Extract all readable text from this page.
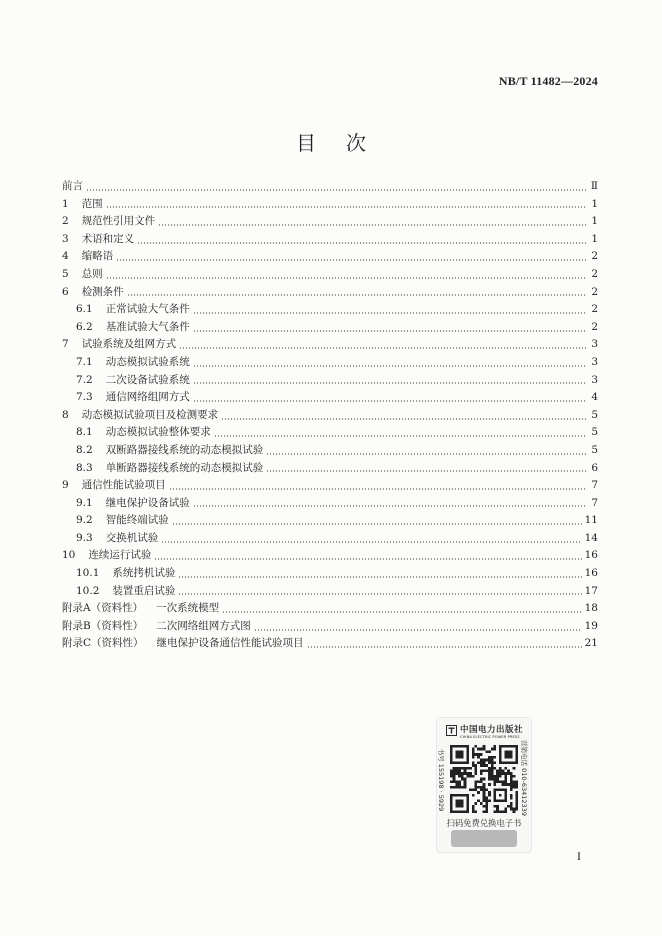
NB/T 11482—2024
目　次
前言	Ⅱ
1 范围	1
2 规范性引用文件	1
3 术语和定义	1
4 缩略语	2
5 总则	2
6 检测条件	2
6.1 正常试验大气条件	2
6.2 基准试验大气条件	2
7 试验系统及组网方式	3
7.1 动态模拟试验系统	3
7.2 二次设备试验系统	3
7.3 通信网络组网方式	4
8 动态模拟试验项目及检测要求	5
8.1 动态模拟试验整体要求	5
8.2 双断路器接线系统的动态模拟试验	5
8.3 单断路器接线系统的动态模拟试验	6
9 通信性能试验项目	7
9.1 继电保护设备试验	7
9.2 智能终端试验	11
9.3 交换机试验	14
10 连续运行试验	16
10.1 系统拷机试验	16
10.2 装置重启试验	17
附录A（资料性） 一次系统模型	18
附录B（资料性） 二次网络组网方式图	19
附录C（资料性） 继电保护设备通信性能试验项目	21
中国电力出版社
CHINA ELECTRIC POWER PRESS
书号 155198 · 5929	营销电话 010-63412339
扫码免费兑换电子书
I
